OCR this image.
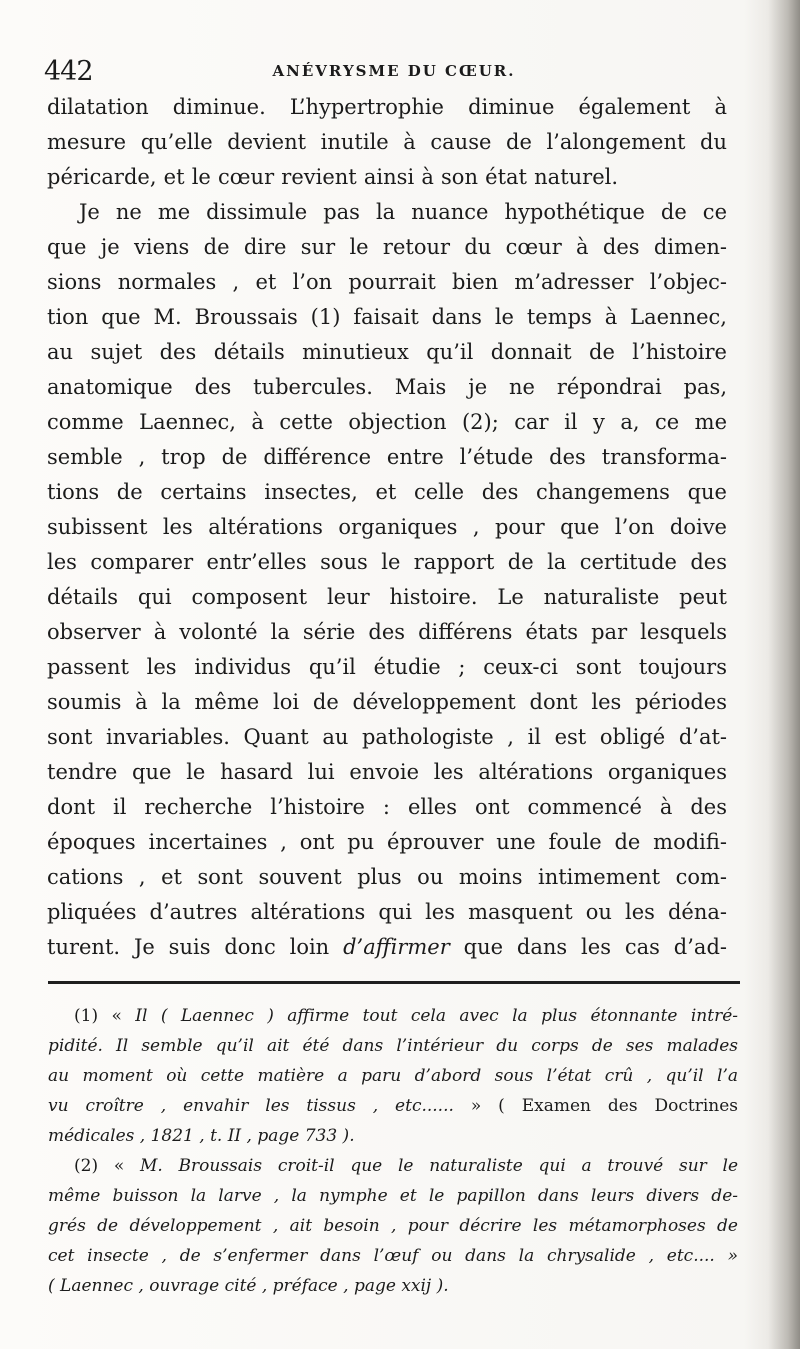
442	ANÉVRYSME DU CŒUR.
dilatation diminue. L’hypertrophie diminue également à
mesure qu’elle devient inutile à cause de l’alongement du
péricarde, et le cœur revient ainsi à son état naturel.
Je ne me dissimule pas la nuance hypothétique de ce
que je viens de dire sur le retour du cœur à des dimen-
sions normales , et l’on pourrait bien m’adresser l’objec-
tion que M. Broussais (1) faisait dans le temps à Laennec,
au sujet des détails minutieux qu’il donnait de l’histoire
anatomique des tubercules. Mais je ne répondrai pas,
comme Laennec, à cette objection (2); car il y a, ce me
semble , trop de différence entre l’étude des transforma-
tions de certains insectes, et celle des changemens que
subissent les altérations organiques , pour que l’on doive
les comparer entr’elles sous le rapport de la certitude des
détails qui composent leur histoire. Le naturaliste peut
observer à volonté la série des différens états par lesquels
passent les individus qu’il étudie ; ceux-ci sont toujours
soumis à la même loi de développement dont les périodes
sont invariables. Quant au pathologiste , il est obligé d’at-
tendre que le hasard lui envoie les altérations organiques
dont il recherche l’histoire : elles ont commencé à des
époques incertaines , ont pu éprouver une foule de modifi-
cations , et sont souvent plus ou moins intimement com-
pliquées d’autres altérations qui les masquent ou les déna-
turent. Je suis donc loin d’affirmer que dans les cas d’ad-
(1) « Il ( Laennec ) affirme tout cela avec la plus étonnante intré-
pidité. Il semble qu’il ait été dans l’intérieur du corps de ses malades
au moment où cette matière a paru d’abord sous l’état crû , qu’il l’a
vu croître , envahir les tissus , etc...... » ( Examen des Doctrines
médicales , 1821 , t. II , page 733 ).
(2) « M. Broussais croit-il que le naturaliste qui a trouvé sur le
même buisson la larve , la nymphe et le papillon dans leurs divers de-
grés de développement , ait besoin , pour décrire les métamorphoses de
cet insecte , de s’enfermer dans l’œuf ou dans la chrysalide , etc.... »
( Laennec , ouvrage cité , préface , page xxij ).
